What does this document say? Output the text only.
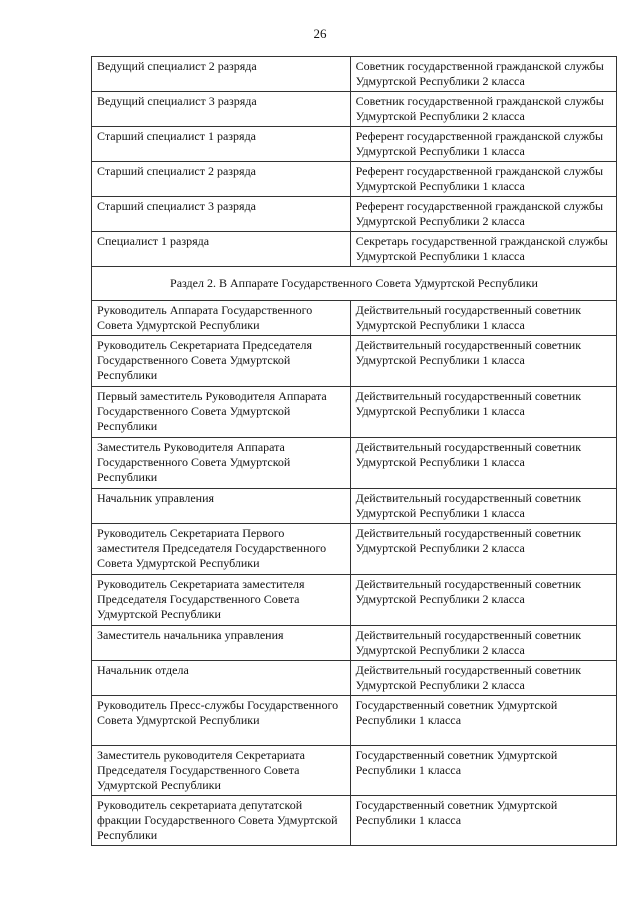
26
Ведущий специалист 2 разряда	Советник государственной гражданской службы Удмуртской Республики 2 класса
Ведущий специалист 3 разряда	Советник государственной гражданской службы Удмуртской Республики 2 класса
Старший специалист 1 разряда	Референт государственной гражданской службы Удмуртской Республики 1 класса
Старший специалист 2 разряда	Референт государственной гражданской службы Удмуртской Республики 1 класса
Старший специалист 3 разряда	Референт государственной гражданской службы Удмуртской Республики 2 класса
Специалист 1 разряда	Секретарь государственной гражданской службы Удмуртской Республики 1 класса
Раздел 2. В Аппарате Государственного Совета Удмуртской Республики	
Руководитель Аппарата Государственного Совета Удмуртской Республики	Действительный государственный советник Удмуртской Республики 1 класса
Руководитель Секретариата Председателя Государственного Совета Удмуртской Республики	Действительный государственный советник Удмуртской Республики 1 класса
Первый заместитель Руководителя Аппарата Государственного Совета Удмуртской Республики	Действительный государственный советник Удмуртской Республики 1 класса
Заместитель Руководителя Аппарата Государственного Совета Удмуртской Республики	Действительный государственный советник Удмуртской Республики 1 класса
Начальник управления	Действительный государственный советник Удмуртской Республики 1 класса
Руководитель Секретариата Первого заместителя Председателя Государственного Совета Удмуртской Республики	Действительный государственный советник Удмуртской Республики 2 класса
Руководитель Секретариата заместителя Председателя Государственного Совета Удмуртской Республики	Действительный государственный советник Удмуртской Республики 2 класса
Заместитель начальника управления	Действительный государственный советник Удмуртской Республики 2 класса
Начальник отдела	Действительный государственный советник Удмуртской Республики 2 класса
Руководитель Пресс-службы Государственного Совета Удмуртской Республики	Государственный советник Удмуртской Республики 1 класса
Заместитель руководителя Секретариата Председателя Государственного Совета Удмуртской Республики	Государственный советник Удмуртской Республики 1 класса
Руководитель секретариата депутатской фракции Государственного Совета Удмуртской Республики	Государственный советник Удмуртской Республики 1 класса
